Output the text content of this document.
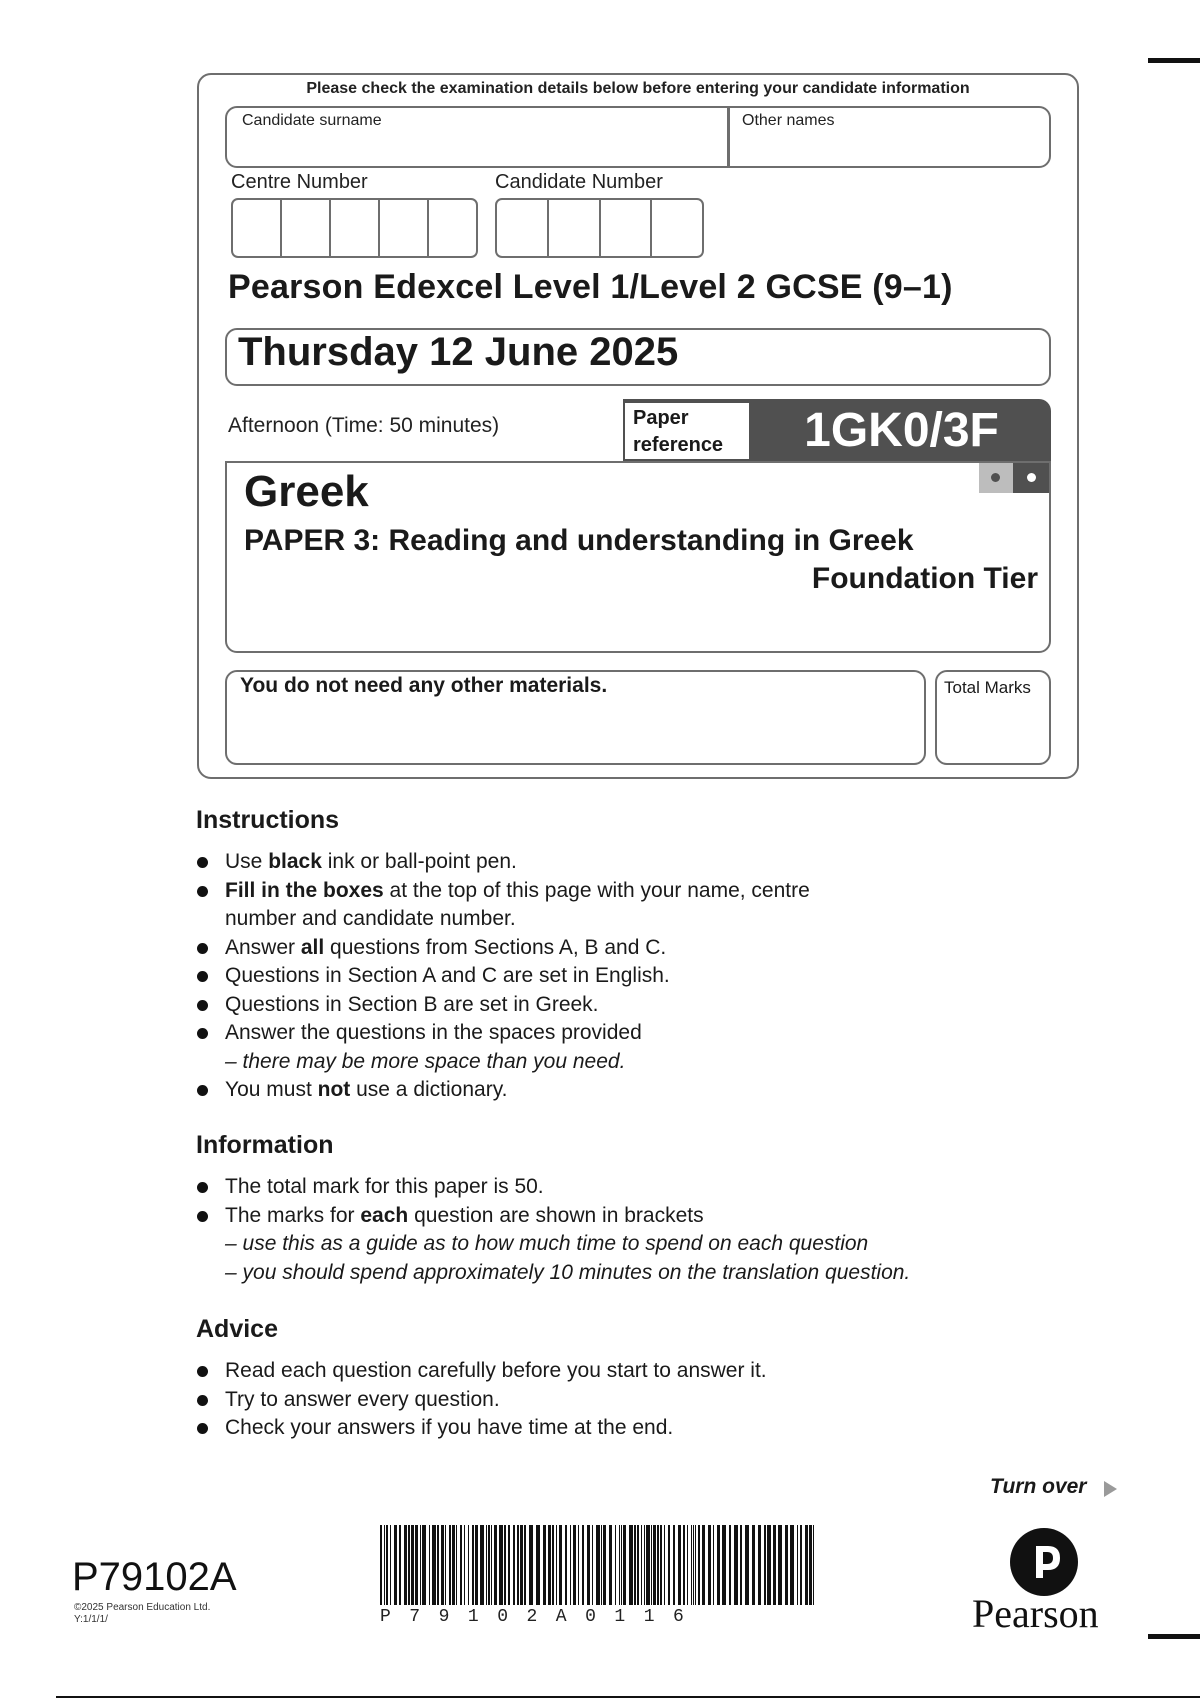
Please check the examination details below before entering your candidate information
Candidate surname	Other names
Centre Number	Candidate Number
Pearson Edexcel Level 1/Level 2 GCSE (9–1)
Thursday 12 June 2025
Afternoon (Time: 50 minutes)	Paper
reference	1GK0/3F
Greek
PAPER 3: Reading and understanding in Greek
Foundation Tier
You do not need any other materials.	Total Marks
Instructions
Use black ink or ball-point pen.
Fill in the boxes at the top of this page with your name, centre number and candidate number.
Answer all questions from Sections A, B and C.
Questions in Section A and C are set in English.
Questions in Section B are set in Greek.
Answer the questions in the spaces provided
– there may be more space than you need.
You must not use a dictionary.
Information
The total mark for this paper is 50.
The marks for each question are shown in brackets
– use this as a guide as to how much time to spend on each question
– you should spend approximately 10 minutes on the translation question.
Advice
Read each question carefully before you start to answer it.
Try to answer every question.
Check your answers if you have time at the end.
Turn over
P79102A
©2025 Pearson Education Ltd.
Y:1/1/1/	P79102A0116	Pearson
